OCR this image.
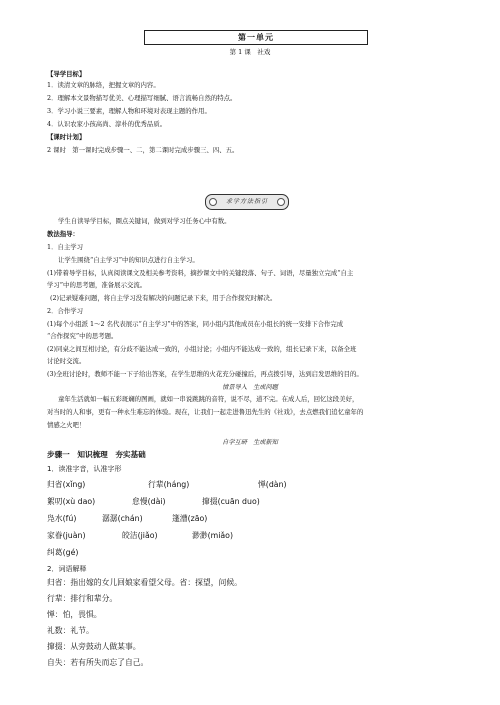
第一单元
第 1 课　社戏
【导学目标】
1．读清文章的脉络，把握文章的内容。
2．理解本文景物描写优美、心理描写细腻、语言流畅自然的特点。
3．学习小说三要素，理解人物和环境对表现主题的作用。
4．认识农家小孩高尚、淳朴的优秀品质。
【课时计划】
2 课时　第一课时完成步骤一、二，第二课时完成步骤三、四、五。
求学方法指引
学生自读导学目标，圈点关键词，做到对学习任务心中有数。
教法指导：
1．自主学习
让学生围绕“自主学习”中的知识点进行自主学习。
(1)带着导学目标，认真阅读课文及相关参考资料，摘抄课文中的关键段落、句子、词语，尽量独立完成“自主
学习”中的思考题，准备展示交流。
(2)记录疑难问题，将自主学习没有解决的问题记录下来，用于合作探究时解决。
2．合作学习
(1)每个小组派 1～2 名代表展示“自主学习”中的答案，同小组内其他成员在小组长的统一安排下合作完成
“合作探究”中的思考题。
(2)同桌之间互相讨论，有分歧不能达成一致的，小组讨论；小组内不能达成一致的，组长记录下来，以备全班
讨论时交流。
(3)全班讨论时，教师不能一下子给出答案，在学生思维的火花充分碰撞后，再点拨引导，达到启发思维的目的。
情景导入　生成问题
童年生活就如一幅五彩斑斓的图画，就如一串说跳跳的音符，说不尽，道不完。在成人后，回忆这段美好，
对当时的人和事，更有一种永生难忘的体验。现在，让我们一起走进鲁迅先生的《社戏》，去点燃我们追忆童年的
情感之火吧！
自学互研　生成新知
步骤一　知识梳理　夯实基础
1．读准字音，认准字形
归省(xǐng)	行辈(háng)	惮(dàn)
絮叨(xù dao)	怠慢(dài)	撺掇(cuān duo)
凫水(fú)	潺潺(chán)	篷漕(zāo)
家眷(juàn)	皎洁(jiǎo)	渺渺(miǎo)
纠葛(gé)
2．词语解释
归省：指出嫁的女儿回娘家看望父母。省：探望，问候。
行辈：排行和辈分。
惮：怕，畏惧。
礼数：礼节。
撺掇：从旁鼓动人做某事。
自失：若有所失而忘了自己。
